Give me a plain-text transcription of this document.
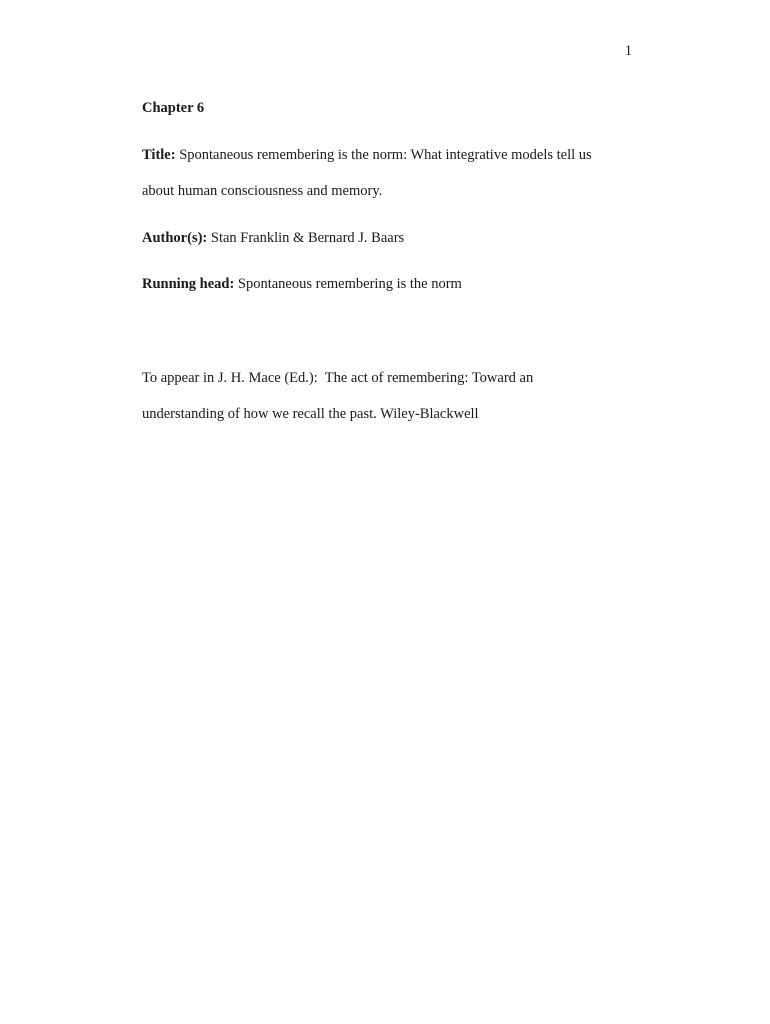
1
Chapter 6
Title: Spontaneous remembering is the norm: What integrative models tell us
about human consciousness and memory.
Author(s): Stan Franklin & Bernard J. Baars
Running head: Spontaneous remembering is the norm
To appear in J. H. Mace (Ed.):  The act of remembering: Toward an
understanding of how we recall the past. Wiley-Blackwell
